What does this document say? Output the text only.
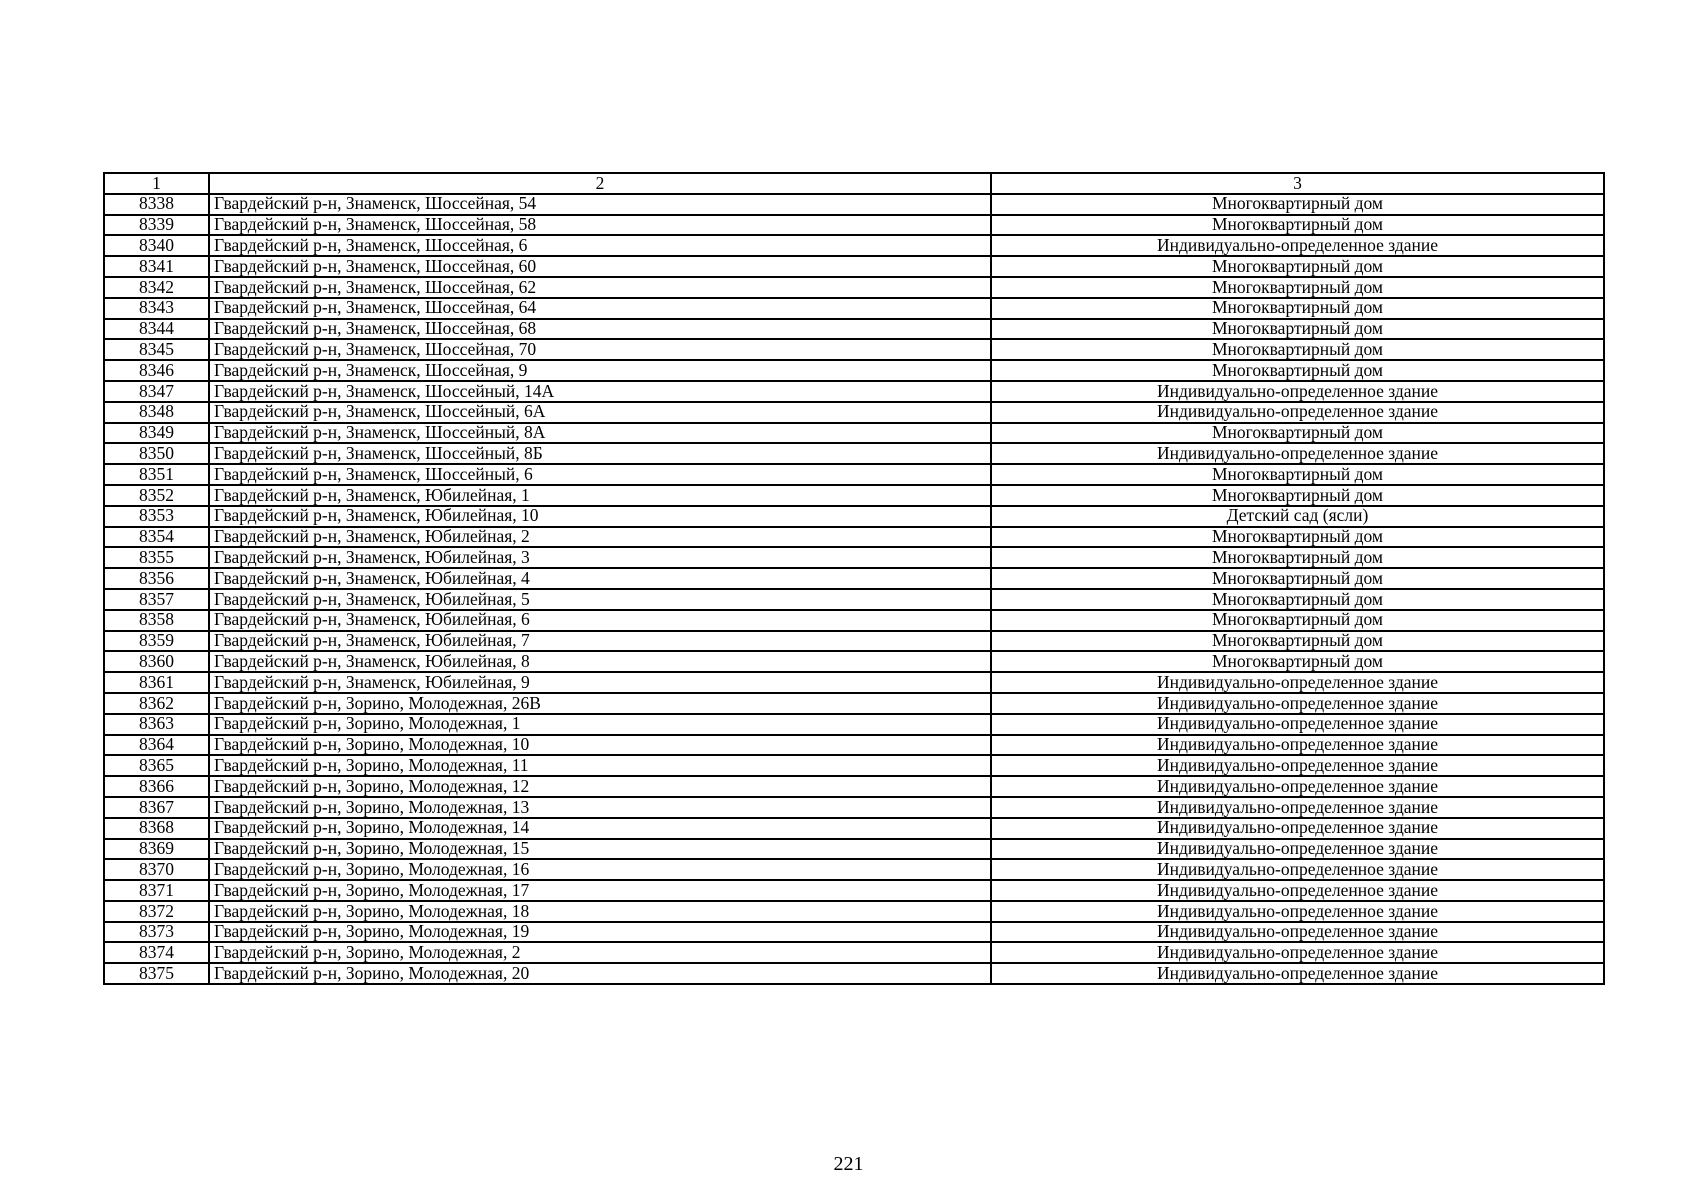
1	2	3
8338	Гвардейский р-н, Знаменск, Шоссейная, 54	Многоквартирный дом
8339	Гвардейский р-н, Знаменск, Шоссейная, 58	Многоквартирный дом
8340	Гвардейский р-н, Знаменск, Шоссейная, 6	Индивидуально-определенное здание
8341	Гвардейский р-н, Знаменск, Шоссейная, 60	Многоквартирный дом
8342	Гвардейский р-н, Знаменск, Шоссейная, 62	Многоквартирный дом
8343	Гвардейский р-н, Знаменск, Шоссейная, 64	Многоквартирный дом
8344	Гвардейский р-н, Знаменск, Шоссейная, 68	Многоквартирный дом
8345	Гвардейский р-н, Знаменск, Шоссейная, 70	Многоквартирный дом
8346	Гвардейский р-н, Знаменск, Шоссейная, 9	Многоквартирный дом
8347	Гвардейский р-н, Знаменск, Шоссейный, 14А	Индивидуально-определенное здание
8348	Гвардейский р-н, Знаменск, Шоссейный, 6А	Индивидуально-определенное здание
8349	Гвардейский р-н, Знаменск, Шоссейный, 8А	Многоквартирный дом
8350	Гвардейский р-н, Знаменск, Шоссейный, 8Б	Индивидуально-определенное здание
8351	Гвардейский р-н, Знаменск, Шоссейный, 6	Многоквартирный дом
8352	Гвардейский р-н, Знаменск, Юбилейная, 1	Многоквартирный дом
8353	Гвардейский р-н, Знаменск, Юбилейная, 10	Детский сад (ясли)
8354	Гвардейский р-н, Знаменск, Юбилейная, 2	Многоквартирный дом
8355	Гвардейский р-н, Знаменск, Юбилейная, 3	Многоквартирный дом
8356	Гвардейский р-н, Знаменск, Юбилейная, 4	Многоквартирный дом
8357	Гвардейский р-н, Знаменск, Юбилейная, 5	Многоквартирный дом
8358	Гвардейский р-н, Знаменск, Юбилейная, 6	Многоквартирный дом
8359	Гвардейский р-н, Знаменск, Юбилейная, 7	Многоквартирный дом
8360	Гвардейский р-н, Знаменск, Юбилейная, 8	Многоквартирный дом
8361	Гвардейский р-н, Знаменск, Юбилейная, 9	Индивидуально-определенное здание
8362	Гвардейский р-н, Зорино, Молодежная, 26В	Индивидуально-определенное здание
8363	Гвардейский р-н, Зорино, Молодежная, 1	Индивидуально-определенное здание
8364	Гвардейский р-н, Зорино, Молодежная, 10	Индивидуально-определенное здание
8365	Гвардейский р-н, Зорино, Молодежная, 11	Индивидуально-определенное здание
8366	Гвардейский р-н, Зорино, Молодежная, 12	Индивидуально-определенное здание
8367	Гвардейский р-н, Зорино, Молодежная, 13	Индивидуально-определенное здание
8368	Гвардейский р-н, Зорино, Молодежная, 14	Индивидуально-определенное здание
8369	Гвардейский р-н, Зорино, Молодежная, 15	Индивидуально-определенное здание
8370	Гвардейский р-н, Зорино, Молодежная, 16	Индивидуально-определенное здание
8371	Гвардейский р-н, Зорино, Молодежная, 17	Индивидуально-определенное здание
8372	Гвардейский р-н, Зорино, Молодежная, 18	Индивидуально-определенное здание
8373	Гвардейский р-н, Зорино, Молодежная, 19	Индивидуально-определенное здание
8374	Гвардейский р-н, Зорино, Молодежная, 2	Индивидуально-определенное здание
8375	Гвардейский р-н, Зорино, Молодежная, 20	Индивидуально-определенное здание
221
